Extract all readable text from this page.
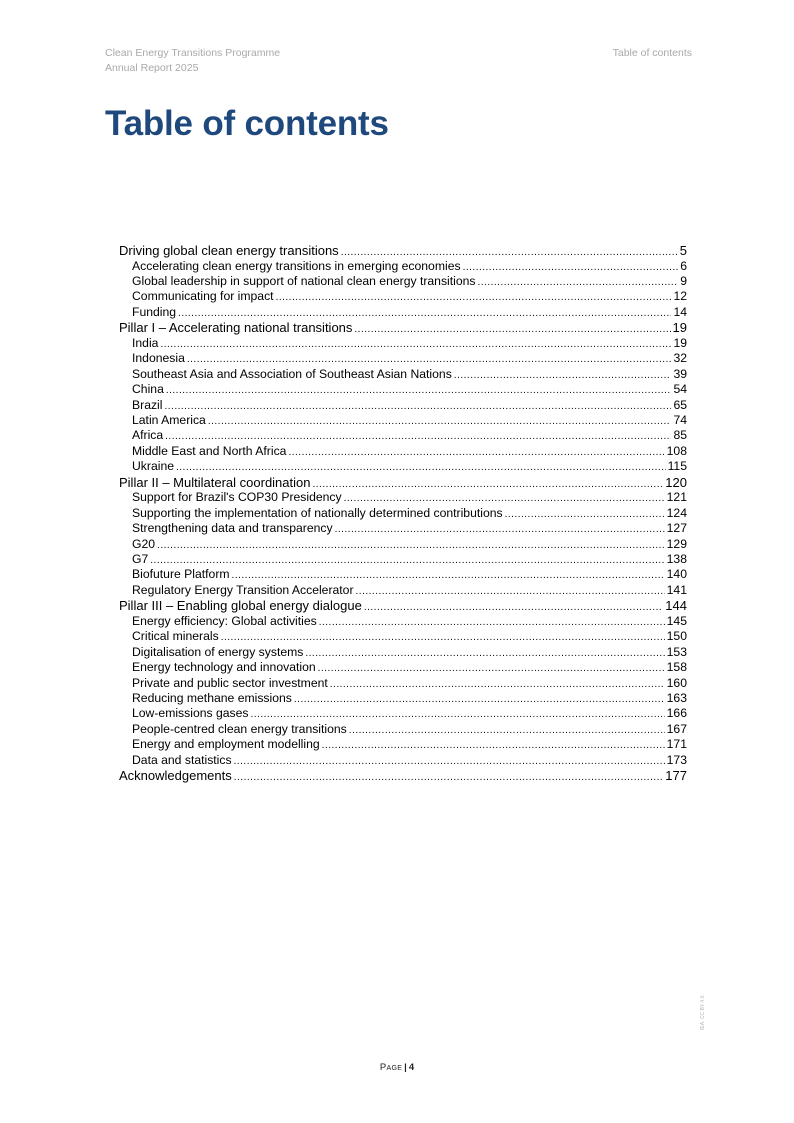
Clean Energy Transitions Programme
Annual Report 2025
Table of contents
Table of contents
Driving global clean energy transitions .....	5
Accelerating clean energy transitions in emerging economies .....	6
Global leadership in support of national clean energy transitions .....	9
Communicating for impact .....	12
Funding .....	14
Pillar I – Accelerating national transitions .....	19
India .....	19
Indonesia .....	32
Southeast Asia and Association of Southeast Asian Nations .....	39
China .....	54
Brazil .....	65
Latin America .....	74
Africa .....	85
Middle East and North Africa .....	108
Ukraine .....	115
Pillar II – Multilateral coordination .....	120
Support for Brazil's COP30 Presidency .....	121
Supporting the implementation of nationally determined contributions .....	124
Strengthening data and transparency .....	127
G20 .....	129
G7 .....	138
Biofuture Platform .....	140
Regulatory Energy Transition Accelerator .....	141
Pillar III – Enabling global energy dialogue .....	144
Energy efficiency: Global activities .....	145
Critical minerals .....	150
Digitalisation of energy systems .....	153
Energy technology and innovation .....	158
Private and public sector investment .....	160
Reducing methane emissions .....	163
Low-emissions gases .....	166
People-centred clean energy transitions .....	167
Energy and employment modelling .....	171
Data and statistics .....	173
Acknowledgements .....	177
Page | 4
IEA. CC BY 4.0.
